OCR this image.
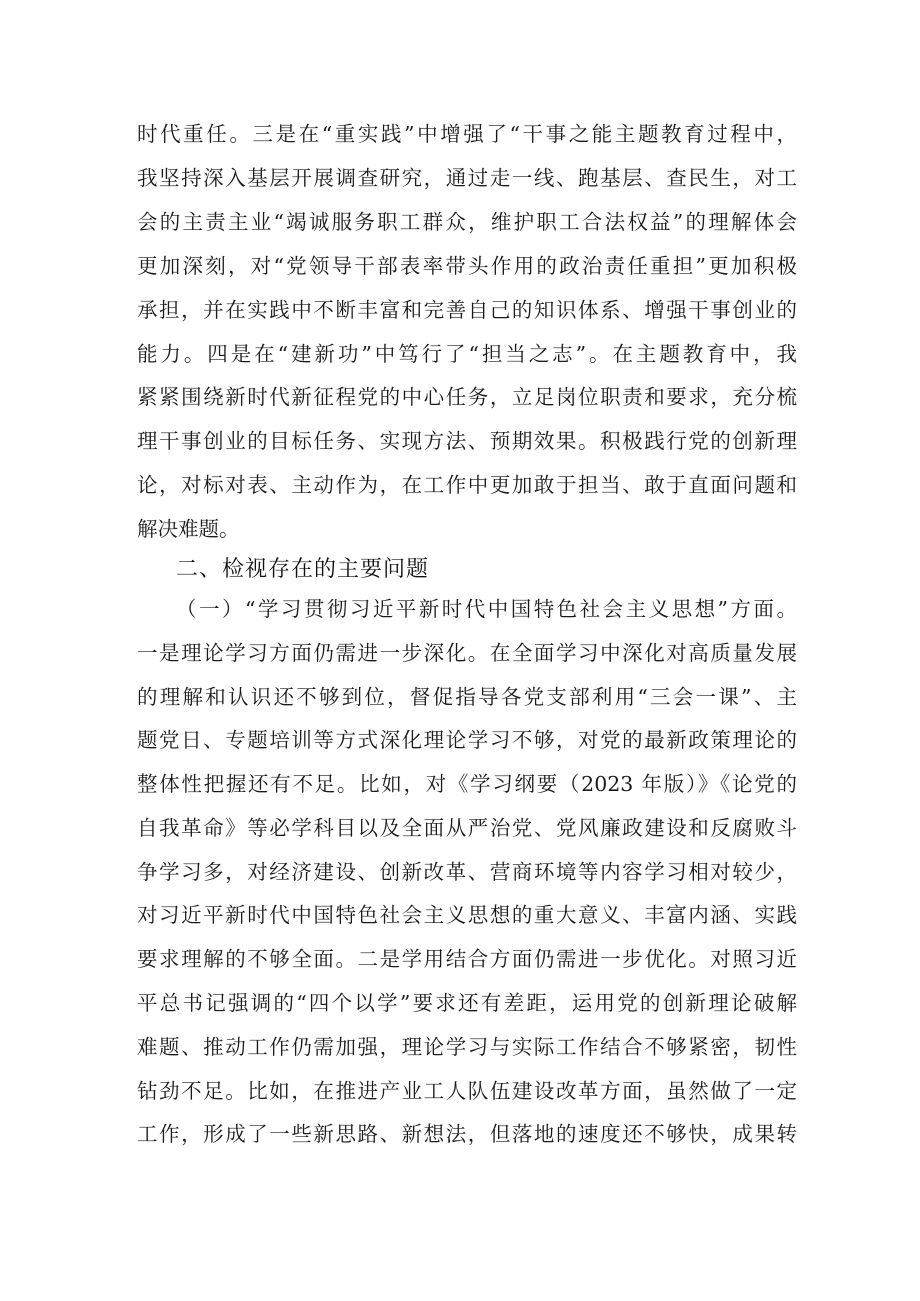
时代重任。三是在“重实践”中增强了“干事之能主题教育过程中，
我坚持深入基层开展调查研究，通过走一线、跑基层、查民生，对工
会的主责主业“竭诚服务职工群众，维护职工合法权益”的理解体会
更加深刻，对“党领导干部表率带头作用的政治责任重担”更加积极
承担，并在实践中不断丰富和完善自己的知识体系、增强干事创业的
能力。四是在“建新功”中笃行了“担当之志”。在主题教育中，我
紧紧围绕新时代新征程党的中心任务，立足岗位职责和要求，充分梳
理干事创业的目标任务、实现方法、预期效果。积极践行党的创新理
论，对标对表、主动作为，在工作中更加敢于担当、敢于直面问题和
解决难题。
二、检视存在的主要问题
（一）“学习贯彻习近平新时代中国特色社会主义思想”方面。
一是理论学习方面仍需进一步深化。在全面学习中深化对高质量发展
的理解和认识还不够到位，督促指导各党支部利用“三会一课”、主
题党日、专题培训等方式深化理论学习不够，对党的最新政策理论的
整体性把握还有不足。比如，对《学习纲要（2023 年版）》《论党的
自我革命》等必学科目以及全面从严治党、党风廉政建设和反腐败斗
争学习多，对经济建设、创新改革、营商环境等内容学习相对较少，
对习近平新时代中国特色社会主义思想的重大意义、丰富内涵、实践
要求理解的不够全面。二是学用结合方面仍需进一步优化。对照习近
平总书记强调的“四个以学”要求还有差距，运用党的创新理论破解
难题、推动工作仍需加强，理论学习与实际工作结合不够紧密，韧性
钻劲不足。比如，在推进产业工人队伍建设改革方面，虽然做了一定
工作，形成了一些新思路、新想法，但落地的速度还不够快，成果转
